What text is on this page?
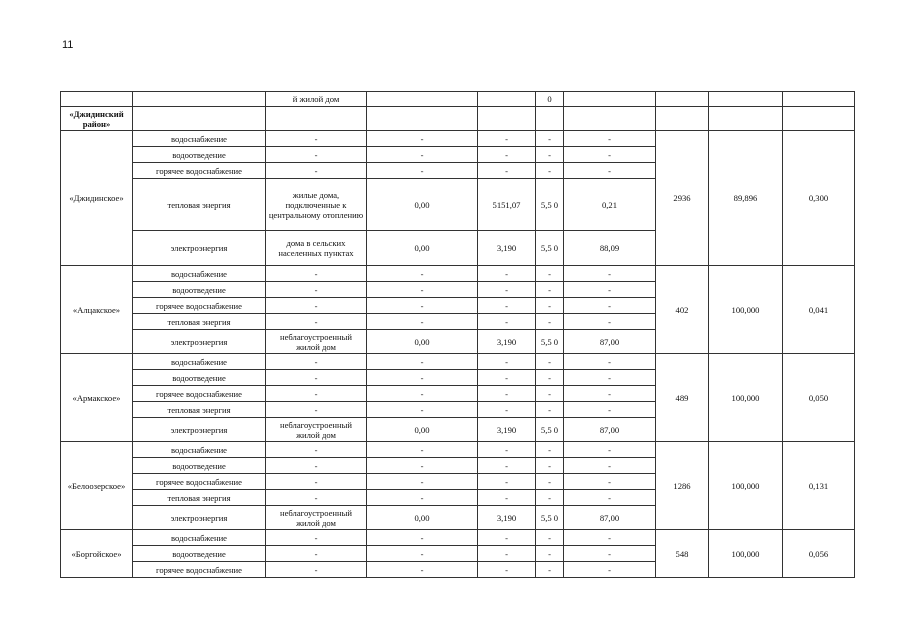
11
		й жилой дом			0				
«Джидинский район»									
«Джидинское»	водоснабжение	-	-	-	-	-	2936	89,896	0,300
	водоотведение	-	-	-	-	-			
	горячее водоснабжение	-	-	-	-	-			
	тепловая энергия	жилые дома, подключенные к центральному отоплению	0,00	5151,07	5,5 0	0,21			
	электроэнергия	дома в сельских населенных пунктах	0,00	3,190	5,5 0	88,09			
«Алцакское»	водоснабжение	-	-	-	-	-	402	100,000	0,041
	водоотведение	-	-	-	-	-			
	горячее водоснабжение	-	-	-	-	-			
	тепловая энергия	-	-	-	-	-			
	электроэнергия	неблагоустроенный жилой дом	0,00	3,190	5,5 0	87,00			
«Армакское»	водоснабжение	-	-	-	-	-	489	100,000	0,050
	водоотведение	-	-	-	-	-			
	горячее водоснабжение	-	-	-	-	-			
	тепловая энергия	-	-	-	-	-			
	электроэнергия	неблагоустроенный жилой дом	0,00	3,190	5,5 0	87,00			
«Белоозерское»	водоснабжение	-	-	-	-	-	1286	100,000	0,131
	водоотведение	-	-	-	-	-			
	горячее водоснабжение	-	-	-	-	-			
	тепловая энергия	-	-	-	-	-			
	электроэнергия	неблагоустроенный жилой дом	0,00	3,190	5,5 0	87,00			
«Боргойское»	водоснабжение	-	-	-	-	-	548	100,000	0,056
	водоотведение	-	-	-	-	-			
	горячее водоснабжение	-	-	-	-	-			
